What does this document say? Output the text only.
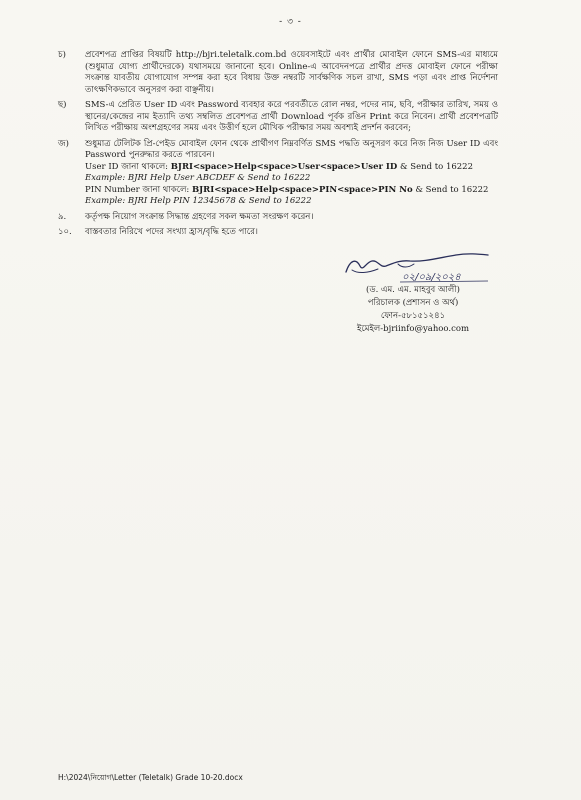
- ৩ -
চ)	প্রবেশপত্র প্রাপ্তির বিষয়টি http://bjri.teletalk.com.bd ওয়েবসাইটে এবং প্রার্থীর মোবাইল ফোনে SMS-এর মাধ্যমে (শুধুমাত্র যোগ্য প্রার্থীদেরকে) যথাসময়ে জানানো হবে। Online-এ আবেদনপত্রে প্রার্থীর প্রদত্ত মোবাইল ফোনে পরীক্ষা সংক্রান্ত যাবতীয় যোগাযোগ সম্পন্ন করা হবে বিধায় উক্ত নম্বরটি সার্বক্ষণিক সচল রাখা, SMS পড়া এবং প্রাপ্ত নির্দেশনা তাৎক্ষণিকভাবে অনুসরণ করা বাঞ্ছনীয়।
ছ)	SMS-এ প্রেরিত User ID এবং Password ব্যবহার করে পরবর্তীতে রোল নম্বর, পদের নাম, ছবি, পরীক্ষার তারিখ, সময় ও স্থানের/কেন্দ্রের নাম ইত্যাদি তথ্য সম্বলিত প্রবেশপত্র প্রার্থী Download পূর্বক রঙিন Print করে নিবেন। প্রার্থী প্রবেশপত্রটি লিখিত পরীক্ষায় অংশগ্রহণের সময় এবং উত্তীর্ণ হলে মৌখিক পরীক্ষার সময় অবশ্যই প্রদর্শন করবেন;
জ)	শুধুমাত্র টেলিটক প্রি-পেইড মোবাইল ফোন থেকে প্রার্থীগণ নিম্নবর্ণিত SMS পদ্ধতি অনুসরণ করে নিজ নিজ User ID এবং Password পুনরুদ্ধার করতে পারবেন।
User ID জানা থাকলে: BJRI<space>Help<space>User<space>User ID & Send to 16222
Example: BJRI Help User ABCDEF & Send to 16222
PIN Number জানা থাকলে: BJRI<space>Help<space>PIN<space>PIN No & Send to 16222
Example: BJRI Help PIN 12345678 & Send to 16222
৯.	কর্তৃপক্ষ নিয়োগ সংক্রান্ত সিদ্ধান্ত গ্রহণের সকল ক্ষমতা সংরক্ষণ করেন।
১০.	বাস্তবতার নিরিখে পদের সংখ্যা হ্রাস/বৃদ্ধি হতে পারে।
০২/০৯/২০২৪
(ড. এম. এম. মাহবুব আলী)
পরিচালক (প্রশাসন ও অর্থ)
ফোন-৫৮১৫১২৪১
ইমেইল-bjriinfo@yahoo.com
H:\2024\নিয়োগ\Letter (Teletalk) Grade 10-20.docx
